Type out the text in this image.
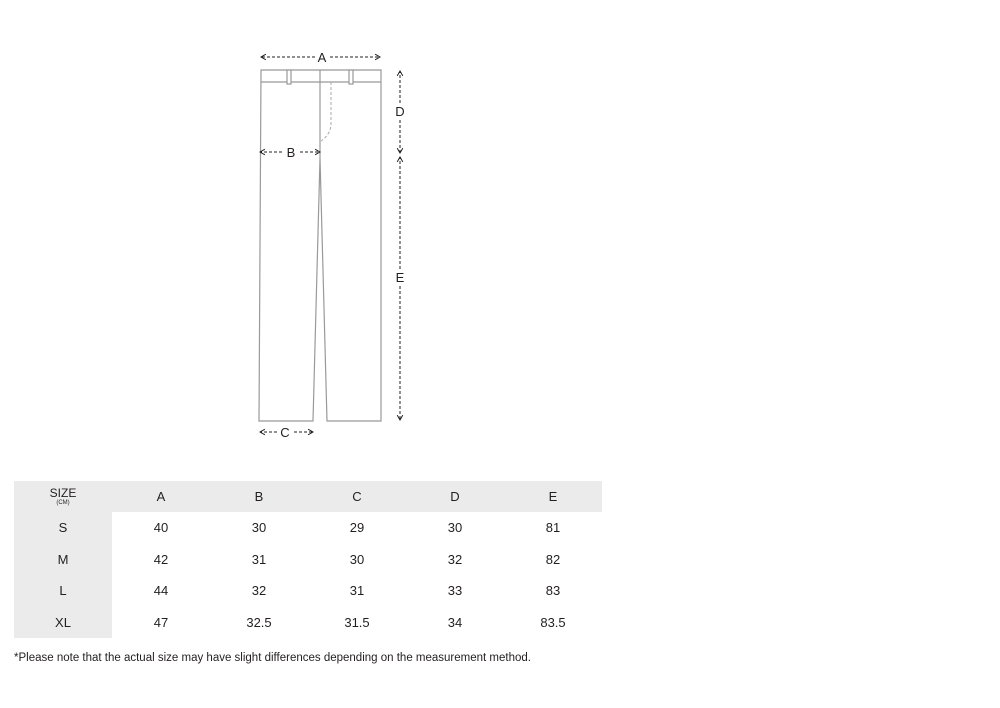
A
B
C
D
E
SIZE
(CM)	A	B	C	D	E
S	40	30	29	30	81
M	42	31	30	32	82
L	44	32	31	33	83
XL	47	32.5	31.5	34	83.5
*Please note that the actual size may have slight differences depending on the measurement method.
